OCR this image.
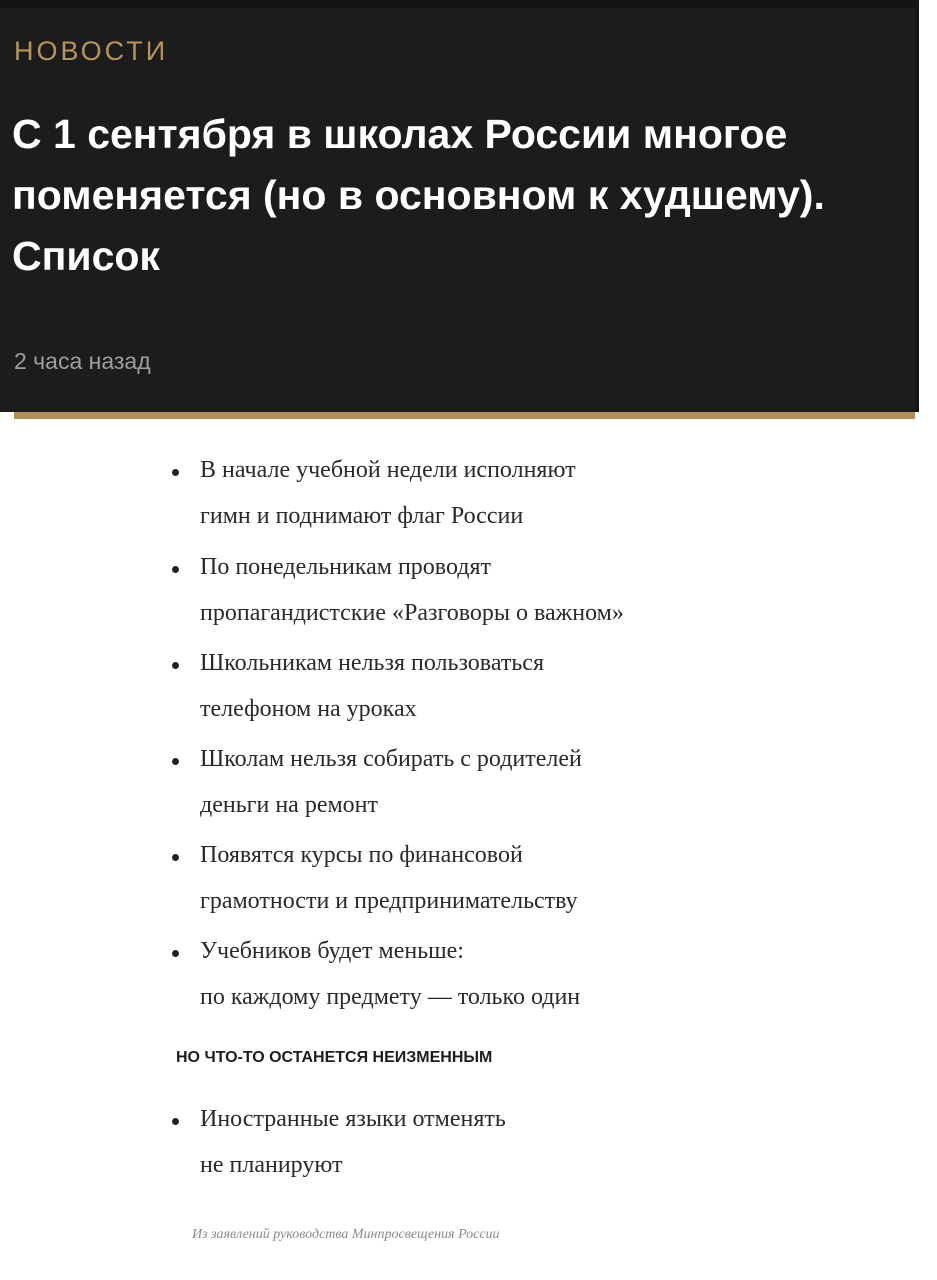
НОВОСТИ

С 1 сентября в школах России многое поменяется (но в основном к худшему). Список

2 часа назад

В начале учебной недели исполняют
гимн и поднимают флаг России

По понедельникам проводят
пропагандистские «Разговоры о важном»

Школьникам нельзя пользоваться
телефоном на уроках

Школам нельзя собирать с родителей
деньги на ремонт

Появятся курсы по финансовой
грамотности и предпринимательству

Учебников будет меньше:
по каждому предмету — только один

НО ЧТО-ТО ОСТАНЕТСЯ НЕИЗМЕННЫМ

Иностранные языки отменять
не планируют

Из заявлений руководства Минпросвещения России
